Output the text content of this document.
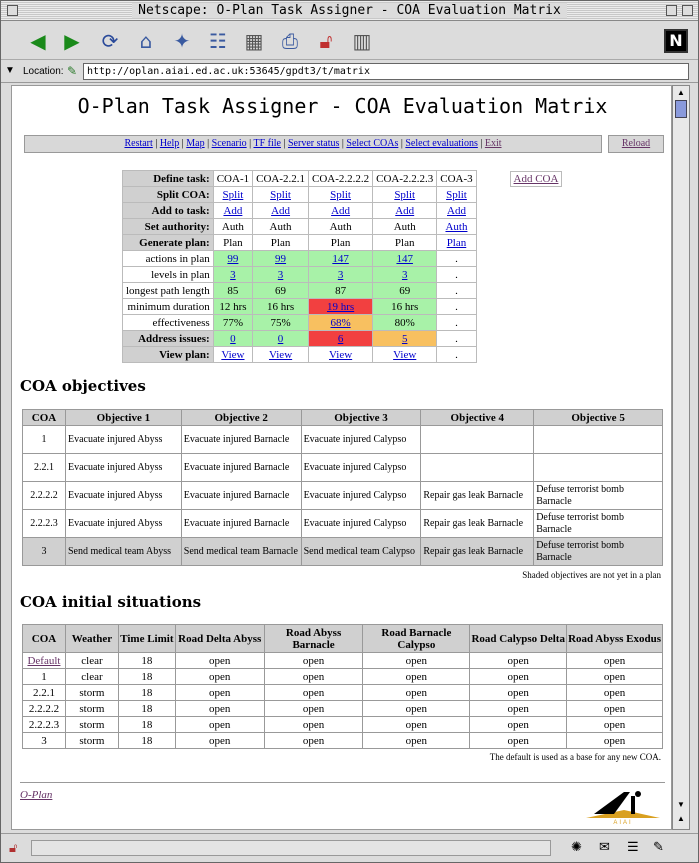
Netscape: O-Plan Task Assigner - COA Evaluation Matrix
◀ ▶	⟳	⌂	✦ ☷ ▦ ⎙	🔓︎	▥	N
▼ Location: ✎
http://oplan.aiai.ed.ac.uk:53645/gpdt3/t/matrix
O-Plan Task Assigner - COA Evaluation Matrix
Restart | Help | Map | Scenario | TF file | Server status | Select COAs | Select evaluations | Exit	Reload
Define task:	COA-1	COA-2.2.1	COA-2.2.2.2	COA-2.2.2.3	COA-3
Split COA:	Split	Split	Split	Split	Split
Add to task:	Add	Add	Add	Add	Add
Set authority:	Auth	Auth	Auth	Auth	Auth
Generate plan:	Plan	Plan	Plan	Plan	Plan
actions in plan	99	99	147	147	.
levels in plan	3	3	3	3	.
longest path length	85	69	87	69	.
minimum duration	12 hrs	16 hrs	19 hrs	16 hrs	.
effectiveness	77%	75%	68%	80%	.
Address issues:	0	0	6	5	.
View plan:	View	View	View	View	.
Add COA
COA objectives
COA	Objective 1	Objective 2	Objective 3	Objective 4	Objective 5
1	Evacuate injured Abyss	Evacuate injured Barnacle	Evacuate injured Calypso		
2.2.1	Evacuate injured Abyss	Evacuate injured Barnacle	Evacuate injured Calypso		
2.2.2.2	Evacuate injured Abyss	Evacuate injured Barnacle	Evacuate injured Calypso	Repair gas leak Barnacle	Defuse terrorist bomb Barnacle
2.2.2.3	Evacuate injured Abyss	Evacuate injured Barnacle	Evacuate injured Calypso	Repair gas leak Barnacle	Defuse terrorist bomb Barnacle
3	Send medical team Abyss	Send medical team Barnacle	Send medical team Calypso	Repair gas leak Barnacle	Defuse terrorist bomb Barnacle
Shaded objectives are not yet in a plan
COA initial situations
COA	Weather	Time Limit	Road Delta Abyss	Road Abyss Barnacle	Road Barnacle Calypso	Road Calypso Delta	Road Abyss Exodus
Default	clear	18	open	open	open	open	open
1	clear	18	open	open	open	open	open
2.2.1	storm	18	open	open	open	open	open
2.2.2.2	storm	18	open	open	open	open	open
2.2.2.3	storm	18	open	open	open	open	open
3	storm	18	open	open	open	open	open
The default is used as a base for any new COA.
O-Plan
AIAI
▲
▼
▲
🔓︎	✺ ✉ ☰ ✎
